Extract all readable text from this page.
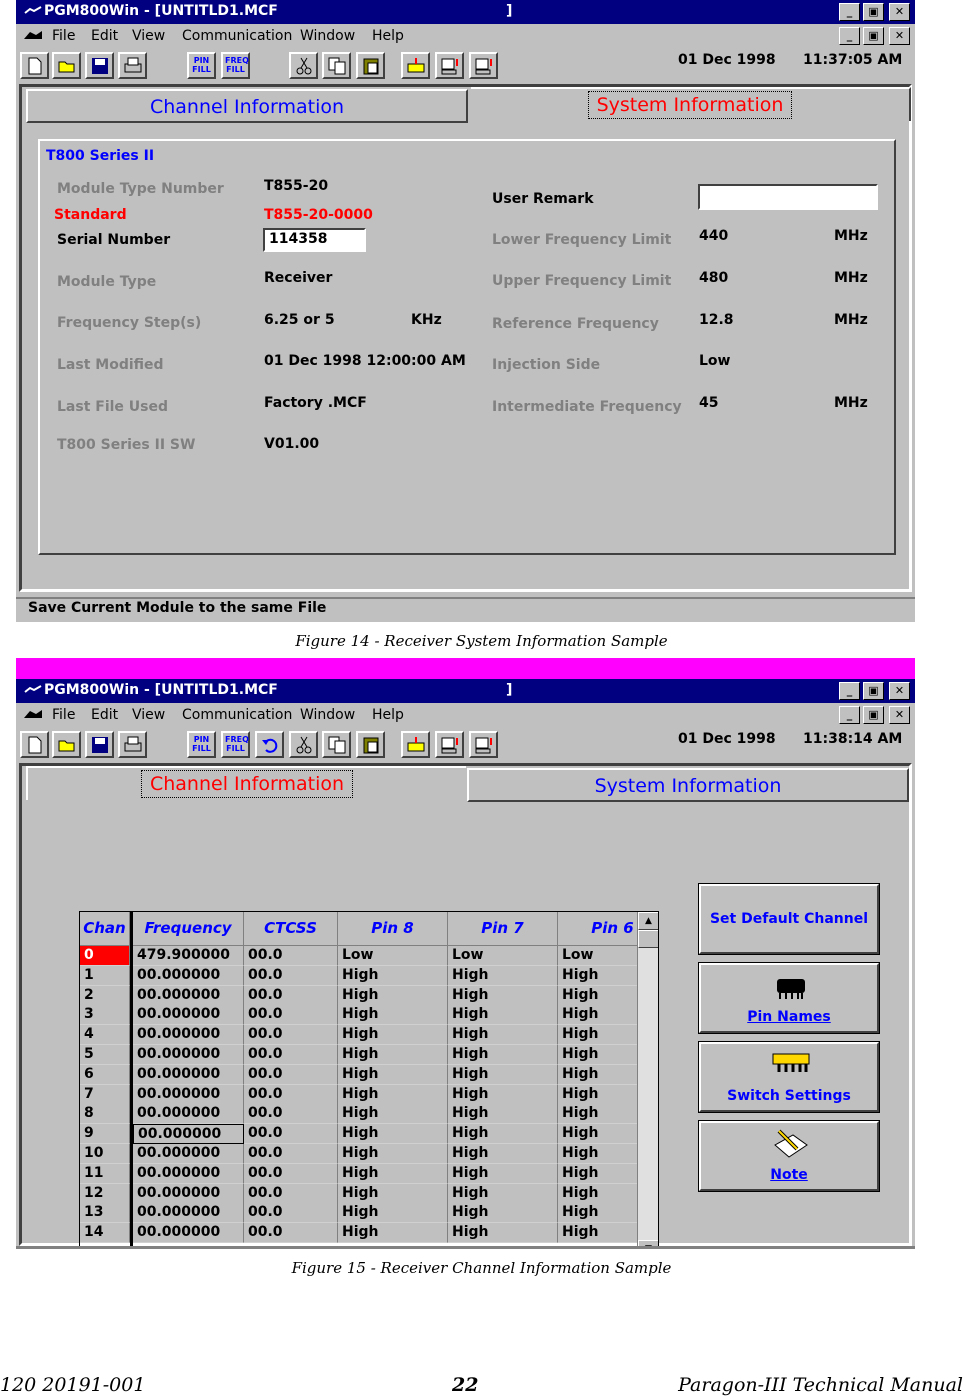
PGM800Win - [UNTITLD1.MCF	]	_	▣	✕
File Edit View Communication Window Help	_	▣	✕
PIN FILL
FREQ FILL
01 Dec 1998 11:37:05 AM
Channel Information	System Information
T800 Series II
Module Type Number	T855-20
Standard	T855-20-0000
Serial Number	114358
Module Type	Receiver
Frequency Step(s)	6.25 or 5	KHz
Last Modified	01 Dec 1998 12:00:00 AM
Last File Used	Factory .MCF
T800 Series II SW	V01.00
User Remark
Lower Frequency Limit 440	MHz
Upper Frequency Limit 480	MHz
Reference Frequency	12.8	MHz
Injection Side	Low
Intermediate Frequency 45	MHz
Save Current Module to the same File
Figure 14 - Receiver System Information Sample
PGM800Win - [UNTITLD1.MCF	]	_	▣	✕
File Edit View Communication Window Help	_	▣	✕
PIN FILL
FREQ FILL
01 Dec 1998 11:38:14 AM
Channel Information	System Information
Chan	Frequency	CTCSS	Pin 8	Pin 7	Pin 6
0	479.900000	00.0	Low	Low	Low
1	00.000000	00.0	High	High	High
2	00.000000	00.0	High	High	High
3	00.000000	00.0	High	High	High
4	00.000000	00.0	High	High	High
5	00.000000	00.0	High	High	High
6	00.000000	00.0	High	High	High
7	00.000000	00.0	High	High	High
8	00.000000	00.0	High	High	High
9	00.000000	00.0	High	High	High
10	00.000000	00.0	High	High	High
11	00.000000	00.0	High	High	High
12	00.000000	00.0	High	High	High
13	00.000000	00.0	High	High	High
14	00.000000	00.0	High	High	High
▲	Set Default Channel
Pin Names
Switch Settings
Note
Figure 15 - Receiver Channel Information Sample
120 20191-001	22	Paragon-III Technical Manual
